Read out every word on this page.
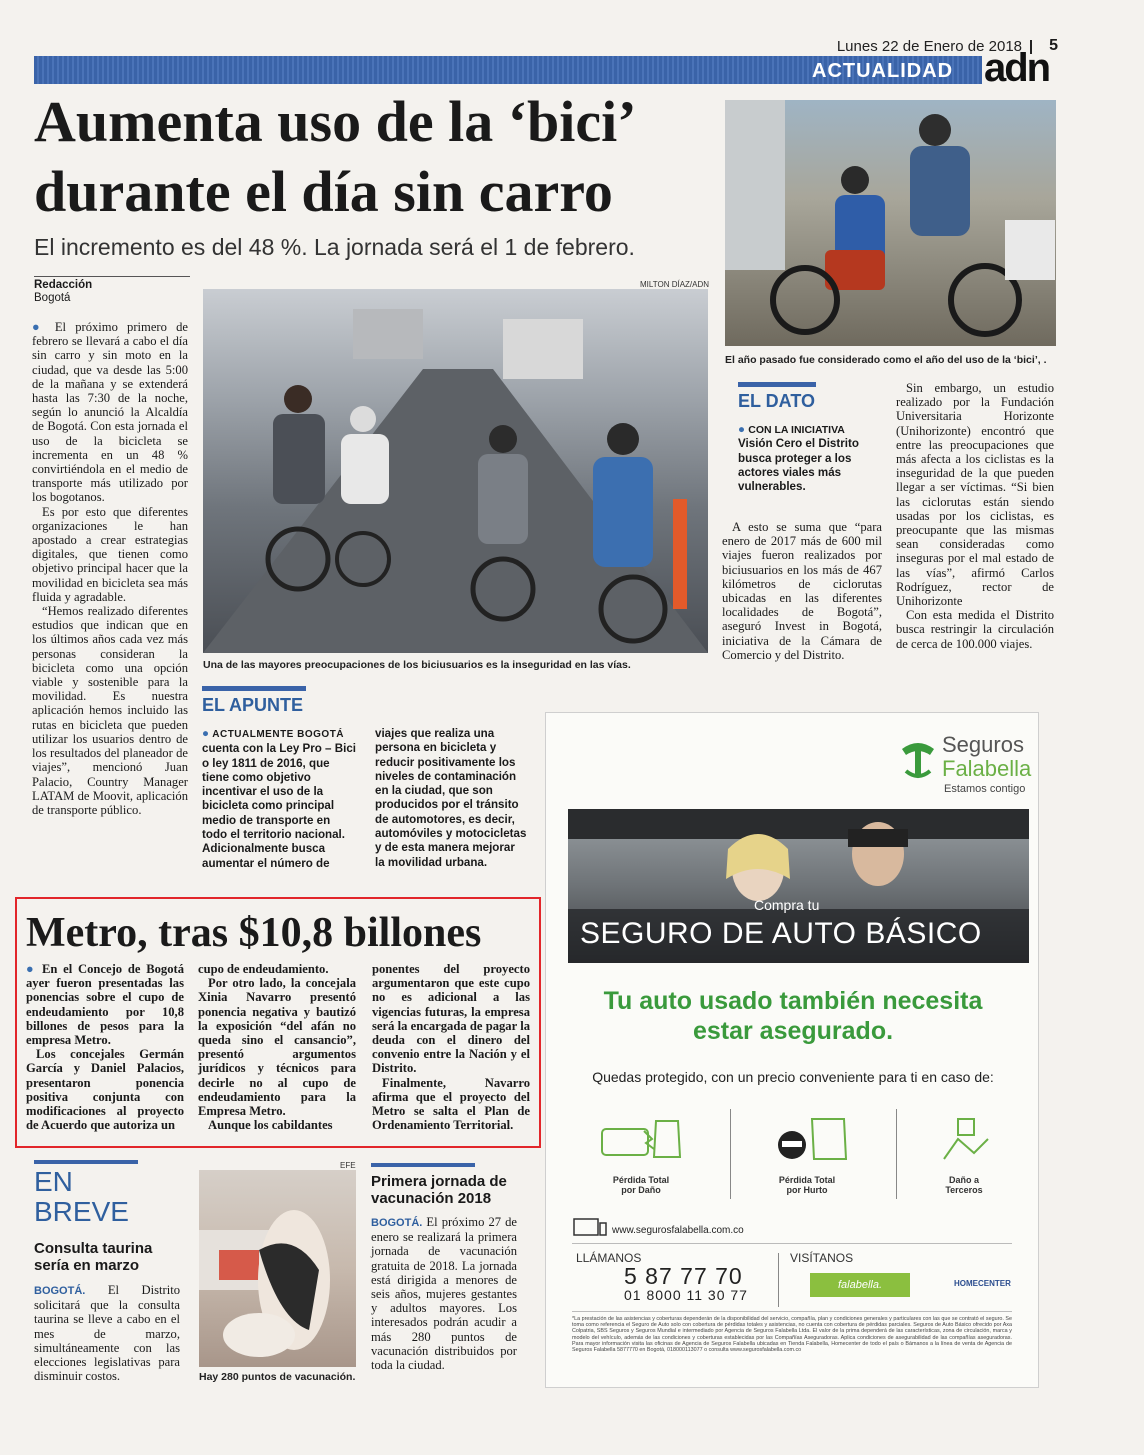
Lunes 22 de Enero de 2018 5
ACTUALIDAD adn
Aumenta uso de la ‘bici’
durante el día sin carro
El incremento es del 48 %. La jornada será el 1 de febrero.
Redacción
Bogotá

● El próximo primero de febrero se llevará a cabo el día sin carro y sin moto en la ciudad, que va desde las 5:00 de la mañana y se extenderá hasta las 7:30 de la noche, según lo anunció la Alcaldía de Bogotá. Con esta jornada el uso de la bicicleta se incrementa en un 48 % convirtiéndola en el medio de transporte más utilizado por los bogotanos.

Es por esto que diferentes organizaciones le han apostado a crear estrategias digitales, que tienen como objetivo principal hacer que la movilidad en bicicleta sea más fluida y agradable.

“Hemos realizado diferentes estudios que indican que en los últimos años cada vez más personas consideran la bicicleta como una opción viable y sostenible para la movilidad. Es nuestra aplicación hemos incluido las rutas en bicicleta que pueden utilizar los usuarios dentro de los resultados del planeador de viajes”, mencionó Juan Palacio, Country Manager LATAM de Moovit, aplicación de transporte público.

MILTON DÍAZ/ADN
Una de las mayores preocupaciones de los biciusuarios es la inseguridad en las vías.
El año pasado fue considerado como el año del uso de la ‘bici’, .
EL DATO
● CON LA INICIATIVA Visión Cero el Distrito busca proteger a los actores viales más vulnerables.

A esto se suma que “para enero de 2017 más de 600 mil viajes fueron realizados por biciusuarios en los más de 467 kilómetros de ciclorutas ubicadas en las diferentes localidades de Bogotá”, aseguró Invest in Bogotá, iniciativa de la Cámara de Comercio y del Distrito.

Sin embargo, un estudio realizado por la Fundación Universitaria Horizonte (Unihorizonte) encontró que entre las preocupaciones que más afecta a los ciclistas es la inseguridad de la que pueden llegar a ser víctimas. “Si bien las ciclorutas están siendo usadas por los ciclistas, es preocupante que las mismas sean consideradas como inseguras por el mal estado de las vías”, afirmó Carlos Rodríguez, rector de Unihorizonte

Con esta medida el Distrito busca restringir la circulación de cerca de 100.000 viajes.

EL APUNTE
● ACTUALMENTE BOGOTÁ cuenta con la Ley Pro – Bici o ley 1811 de 2016, que tiene como objetivo incentivar el uso de la bicicleta como principal medio de transporte en todo el territorio nacional. Adicionalmente busca aumentar el número de
viajes que realiza una persona en bicicleta y reducir positivamente los niveles de contaminación en la ciudad, que son producidos por el tránsito de automotores, es decir, automóviles y motocicletas y de esta manera mejorar la movilidad urbana.
Metro, tras $10,8 billones

● En el Concejo de Bogotá ayer fueron presentadas las ponencias sobre el cupo de endeudamiento por 10,8 billones de pesos para la empresa Metro.

Los concejales Germán García y Daniel Palacios, presentaron ponencia positiva conjunta con modificaciones al proyecto de Acuerdo que autoriza un

cupo de endeudamiento.

Por otro lado, la concejala Xinia Navarro presentó ponencia negativa y bautizó la exposición “del afán no queda sino el cansancio”, presentó argumentos jurídicos y técnicos para decirle no al cupo de endeudamiento para la Empresa Metro.

Aunque los cabildantes

ponentes del proyecto argumentaron que este cupo no es adicional a las vigencias futuras, la empresa será la encargada de pagar la deuda con el dinero del convenio entre la Nación y el Distrito.

Finalmente, Navarro afirma que el proyecto del Metro se salta el Plan de Ordenamiento Territorial.

EN
BREVE
Consulta taurina sería en marzo

BOGOTÁ. El Distrito solicitará que la consulta taurina se lleve a cabo en el mes de marzo, simultáneamente con las elecciones legislativas para disminuir costos.

EFE
Hay 280 puntos de vacunación.
Primera jornada de vacunación 2018

BOGOTÁ. El próximo 27 de enero se realizará la primera jornada de vacunación gratuita de 2018. La jornada está dirigida a menores de seis años, mujeres gestantes y adultos mayores. Los interesados podrán acudir a más 280 puntos de vacunación distribuidos por toda la ciudad.

Seguros
Falabella
Estamos contigo
Compra tu
SEGURO DE AUTO BÁSICO
Tu auto usado también necesita
estar asegurado.
Quedas protegido, con un precio conveniente para ti en caso de:
Pérdida Total por Daño
Pérdida Total por Hurto
Daño a Terceros
www.segurosfalabella.com.co
LLÁMANOS
5 87 77 70
01 8000 11 30 77
VISÍTANOS
falabella.	HOMECENTER
*La prestación de las asistencias y coberturas dependerán de la disponibilidad del servicio, compañía, plan y condiciones generales y particulares con las que se contrató el seguro. Se toma como referencia el Seguro de Auto solo con cobertura de pérdidas totales y asistencias, no cuenta con cobertura de pérdidas parciales. Seguros de Auto Básico ofrecido por Axa Colpatria, SBS Seguros y Seguros Mundial e intermediado por Agencia de Seguros Falabella Ltda. El valor de la prima dependerá de las características, zona de circulación, marca y modelo del vehículo, además de las condiciones y coberturas establecidas por las Compañías Aseguradoras. Aplica condiciones de asegurabilidad de las compañías aseguradoras. Para mayor información visita las oficinas de Agencia de Seguros Falabella ubicadas en Tienda Falabella, Homecenter de todo el país o Bámanos a la línea de venta de Agencia de Seguros Falabella 5877770 en Bogotá, 018000113077 o consulta www.segurosfalabella.com.co
